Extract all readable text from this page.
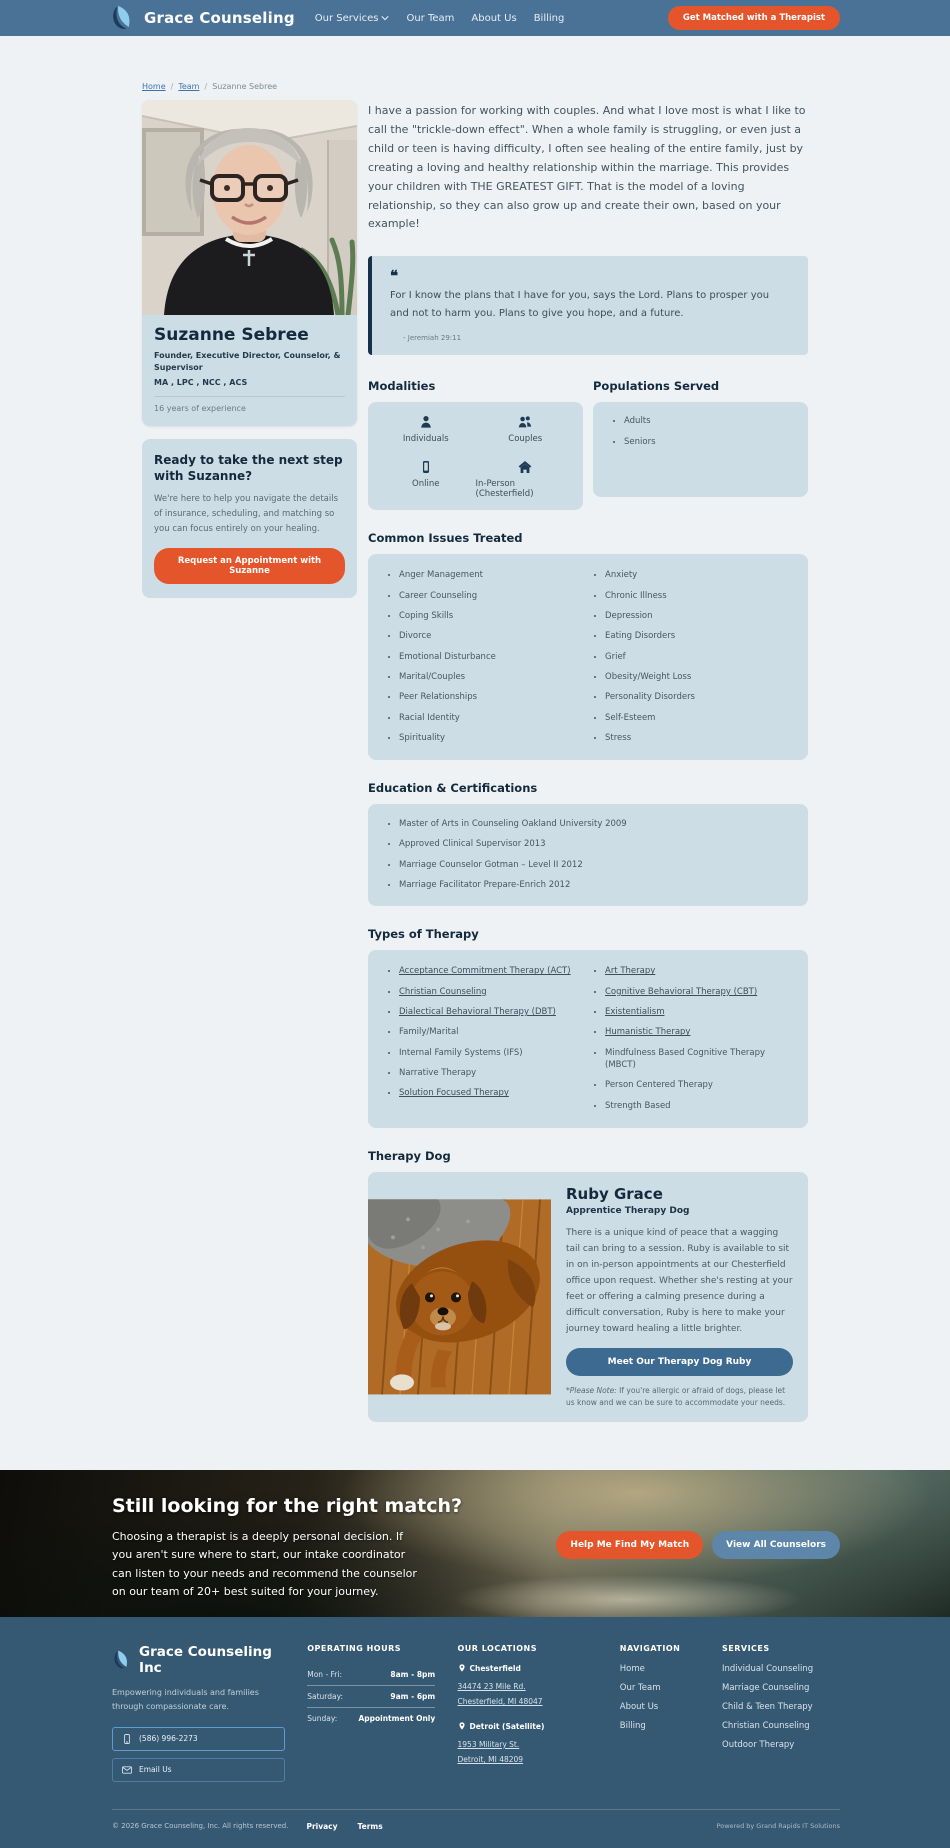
Grace Counseling Our Services	Our Team About Us Billing	Get Matched with a Therapist
Home / Team / Suzanne Sebree
Suzanne Sebree
Founder, Executive Director, Counselor, & Supervisor
MA , LPC , NCC , ACS
16 years of experience
Ready to take the next step with Suzanne?
We're here to help you navigate the details of insurance, scheduling, and matching so you can focus entirely on your healing.
Request an Appointment with Suzanne

I have a passion for working with couples. And what I love most is what I like to call the "trickle-down effect". When a whole family is struggling, or even just a child or teen is having difficulty, I often see healing of the entire family, just by creating a loving and healthy relationship within the marriage. This provides your children with THE GREATEST GIFT. That is the model of a loving relationship, so they can also grow up and create their own, based on your example!

❝
For I know the plans that I have for you, says the Lord. Plans to prosper you and not to harm you. Plans to give you hope, and a future.
- Jeremiah 29:11
Modalities
Individuals	Couples
Online	In-Person (Chesterfield)
Populations Served
• Adults
• Seniors
Common Issues Treated
• Anger Management
• Career Counseling
• Coping Skills
• Divorce
• Emotional Disturbance
• Marital/Couples
• Peer Relationships
• Racial Identity
• Spirituality
• Anxiety
• Chronic Illness
• Depression
• Eating Disorders
• Grief
• Obesity/Weight Loss
• Personality Disorders
• Self-Esteem
• Stress
Education & Certifications
• Master of Arts in Counseling Oakland University 2009
• Approved Clinical Supervisor 2013
• Marriage Counselor Gotman – Level II 2012
• Marriage Facilitator Prepare-Enrich 2012
Types of Therapy
• Acceptance Commitment Therapy (ACT)
• Christian Counseling
• Dialectical Behavioral Therapy (DBT)
• Family/Marital
• Internal Family Systems (IFS)
• Narrative Therapy
• Solution Focused Therapy
• Art Therapy
• Cognitive Behavioral Therapy (CBT)
• Existentialism
• Humanistic Therapy
• Mindfulness Based Cognitive Therapy (MBCT)
• Person Centered Therapy
• Strength Based
Therapy Dog
Ruby Grace
Apprentice Therapy Dog
There is a unique kind of peace that a wagging tail can bring to a session. Ruby is available to sit in on in-person appointments at our Chesterfield office upon request. Whether she's resting at your feet or offering a calming presence during a difficult conversation, Ruby is here to make your journey toward healing a little brighter.
Meet Our Therapy Dog Ruby
*Please Note: If you're allergic or afraid of dogs, please let us know and we can be sure to accommodate your needs.
Still looking for the right match?
Choosing a therapist is a deeply personal decision. If you aren't sure where to start, our intake coordinator can listen to your needs and recommend the counselor on our team of 20+ best suited for your journey.
Help Me Find My Match	View All Counselors
Grace Counseling Inc
Empowering individuals and families through compassionate care.
(586) 996-2273
Email Us
OPERATING HOURS
Mon - Fri:	8am - 8pm
Saturday:	9am - 6pm
Sunday:	Appointment Only
OUR LOCATIONS
Chesterfield
34474 23 Mile Rd.
Chesterfield, MI 48047
Detroit (Satellite)
1953 Military St.
Detroit, MI 48209
NAVIGATION
Home
Our Team
About Us
Billing
SERVICES
Individual Counseling
Marriage Counseling
Child & Teen Therapy
Christian Counseling
Outdoor Therapy
© 2026 Grace Counseling, Inc. All rights reserved. Privacy	Terms	Powered by Grand Rapids IT Solutions
